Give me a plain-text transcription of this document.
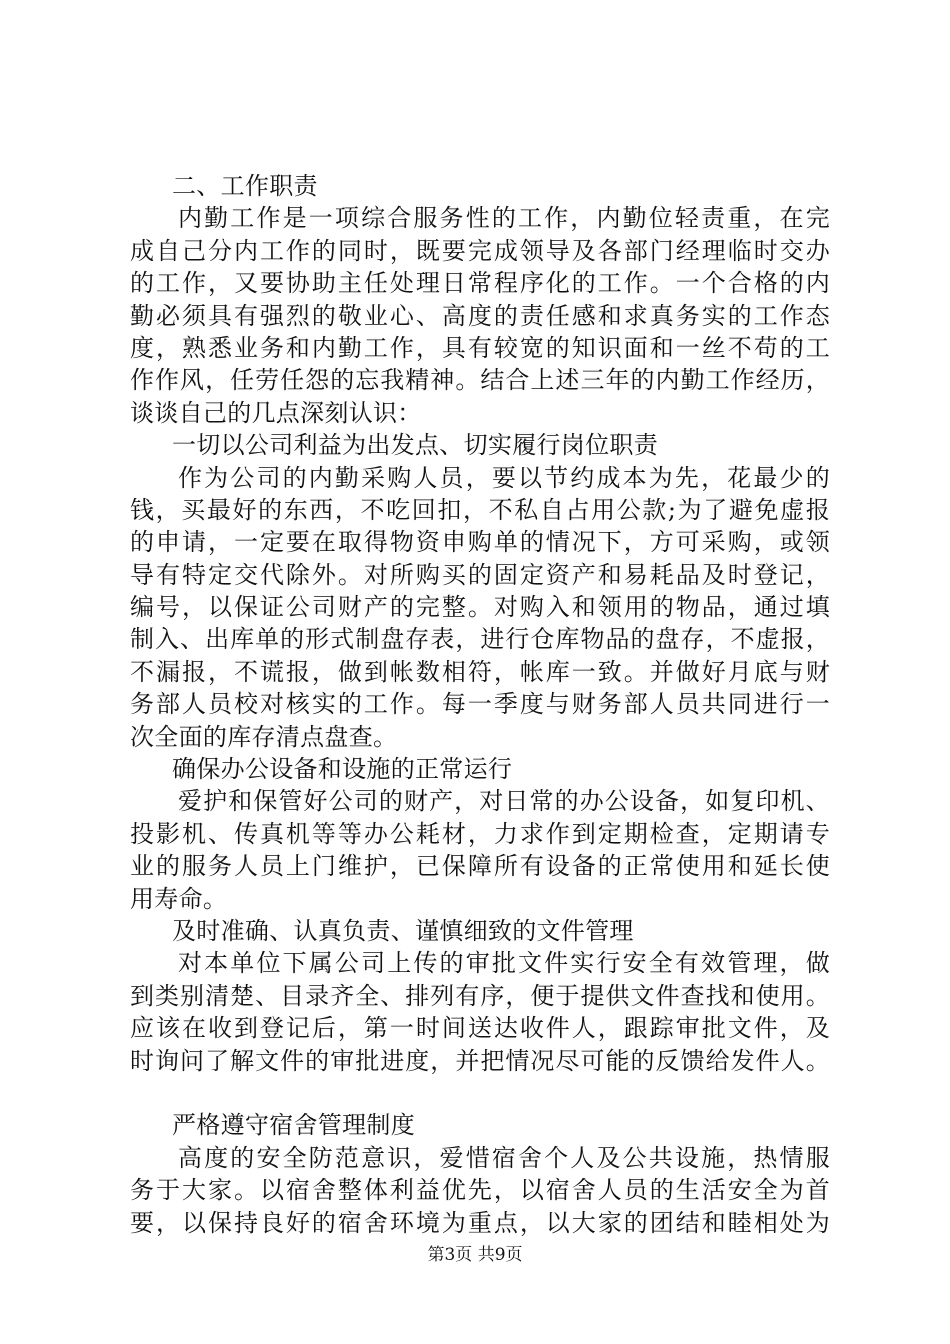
二、工作职责
内勤工作是一项综合服务性的工作，内勤位轻责重，在完
成自己分内工作的同时，既要完成领导及各部门经理临时交办
的工作，又要协助主任处理日常程序化的工作。一个合格的内
勤必须具有强烈的敬业心、高度的责任感和求真务实的工作态
度，熟悉业务和内勤工作，具有较宽的知识面和一丝不苟的工
作作风，任劳任怨的忘我精神。结合上述三年的内勤工作经历，
谈谈自己的几点深刻认识：
一切以公司利益为出发点、切实履行岗位职责
作为公司的内勤采购人员，要以节约成本为先，花最少的
钱，买最好的东西，不吃回扣，不私自占用公款;为了避免虚报
的申请，一定要在取得物资申购单的情况下，方可采购，或领
导有特定交代除外。对所购买的固定资产和易耗品及时登记，
编号，以保证公司财产的完整。对购入和领用的物品，通过填
制入、出库单的形式制盘存表，进行仓库物品的盘存，不虚报，
不漏报，不谎报，做到帐数相符，帐库一致。并做好月底与财
务部人员校对核实的工作。每一季度与财务部人员共同进行一
次全面的库存清点盘查。
确保办公设备和设施的正常运行
爱护和保管好公司的财产，对日常的办公设备，如复印机、
投影机、传真机等等办公耗材，力求作到定期检查，定期请专
业的服务人员上门维护，已保障所有设备的正常使用和延长使
用寿命。
及时准确、认真负责、谨慎细致的文件管理
对本单位下属公司上传的审批文件实行安全有效管理，做
到类别清楚、目录齐全、排列有序，便于提供文件查找和使用。
应该在收到登记后，第一时间送达收件人，跟踪审批文件，及
时询问了解文件的审批进度，并把情况尽可能的反馈给发件人。
严格遵守宿舍管理制度
高度的安全防范意识，爱惜宿舍个人及公共设施，热情服
务于大家。以宿舍整体利益优先，以宿舍人员的生活安全为首
要，以保持良好的宿舍环境为重点，以大家的团结和睦相处为
第3页 共9页
